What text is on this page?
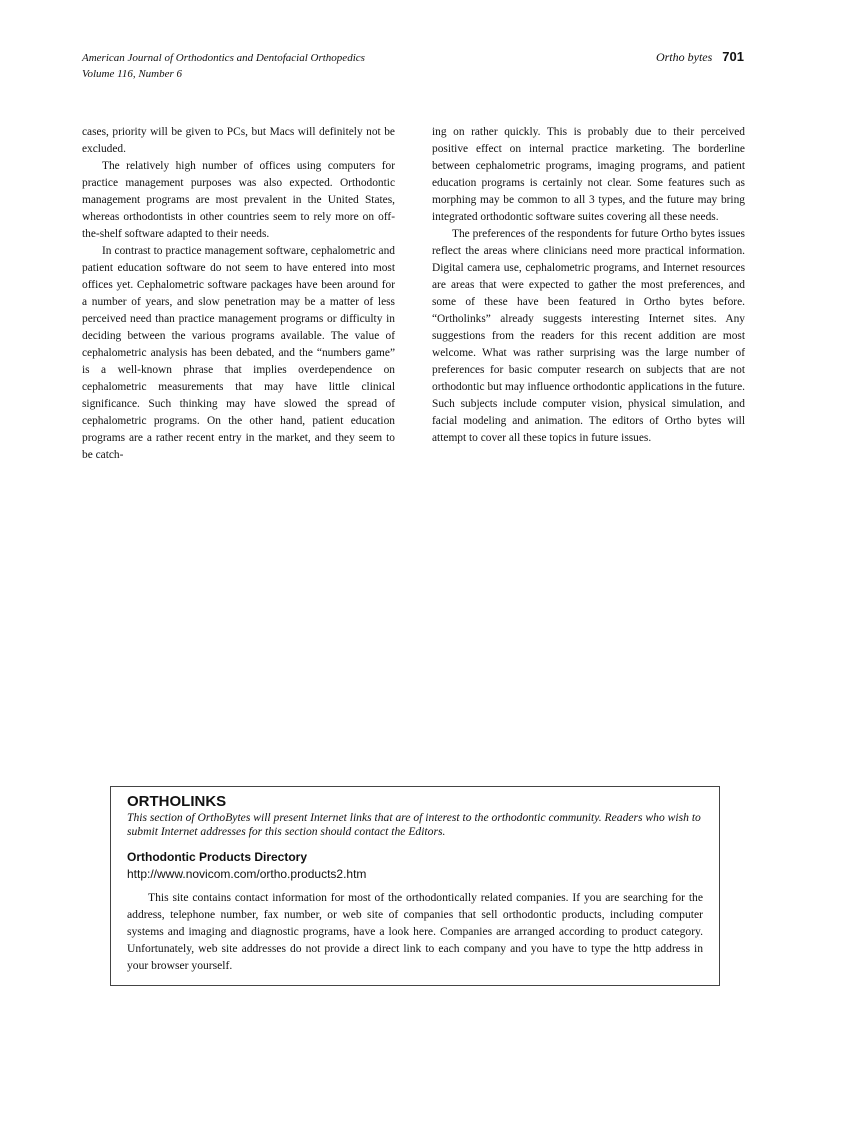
American Journal of Orthodontics and Dentofacial Orthopedics
Volume 116, Number 6
Ortho bytes 701

cases, priority will be given to PCs, but Macs will definitely not be excluded.

The relatively high number of offices using computers for practice management purposes was also expected. Orthodontic management programs are most prevalent in the United States, whereas orthodontists in other countries seem to rely more on off-the-shelf software adapted to their needs.

In contrast to practice management software, cephalometric and patient education software do not seem to have entered into most offices yet. Cephalometric software packages have been around for a number of years, and slow penetration may be a matter of less perceived need than practice management programs or difficulty in deciding between the various programs available. The value of cephalometric analysis has been debated, and the “numbers game” is a well-known phrase that implies overdependence on cephalometric measurements that may have little clinical significance. Such thinking may have slowed the spread of cephalometric programs. On the other hand, patient education programs are a rather recent entry in the market, and they seem to be catch-

ing on rather quickly. This is probably due to their perceived positive effect on internal practice marketing. The borderline between cephalometric programs, imaging programs, and patient education programs is certainly not clear. Some features such as morphing may be common to all 3 types, and the future may bring integrated orthodontic software suites covering all these needs.

The preferences of the respondents for future Ortho bytes issues reflect the areas where clinicians need more practical information. Digital camera use, cephalometric programs, and Internet resources are areas that were expected to gather the most preferences, and some of these have been featured in Ortho bytes before. “Ortholinks” already suggests interesting Internet sites. Any suggestions from the readers for this recent addition are most welcome. What was rather surprising was the large number of preferences for basic computer research on subjects that are not orthodontic but may influence orthodontic applications in the future. Such subjects include computer vision, physical simulation, and facial modeling and animation. The editors of Ortho bytes will attempt to cover all these topics in future issues.

ORTHOLINKS
This section of OrthoBytes will present Internet links that are of interest to the orthodontic community. Readers who wish to submit Internet addresses for this section should contact the Editors.
Orthodontic Products Directory
http://www.novicom.com/ortho.products2.htm
This site contains contact information for most of the orthodontically related companies. If you are searching for the address, telephone number, fax number, or web site of companies that sell orthodontic products, including computer systems and imaging and diagnostic programs, have a look here. Companies are arranged according to product category. Unfortunately, web site addresses do not provide a direct link to each company and you have to type the http address in your browser yourself.
